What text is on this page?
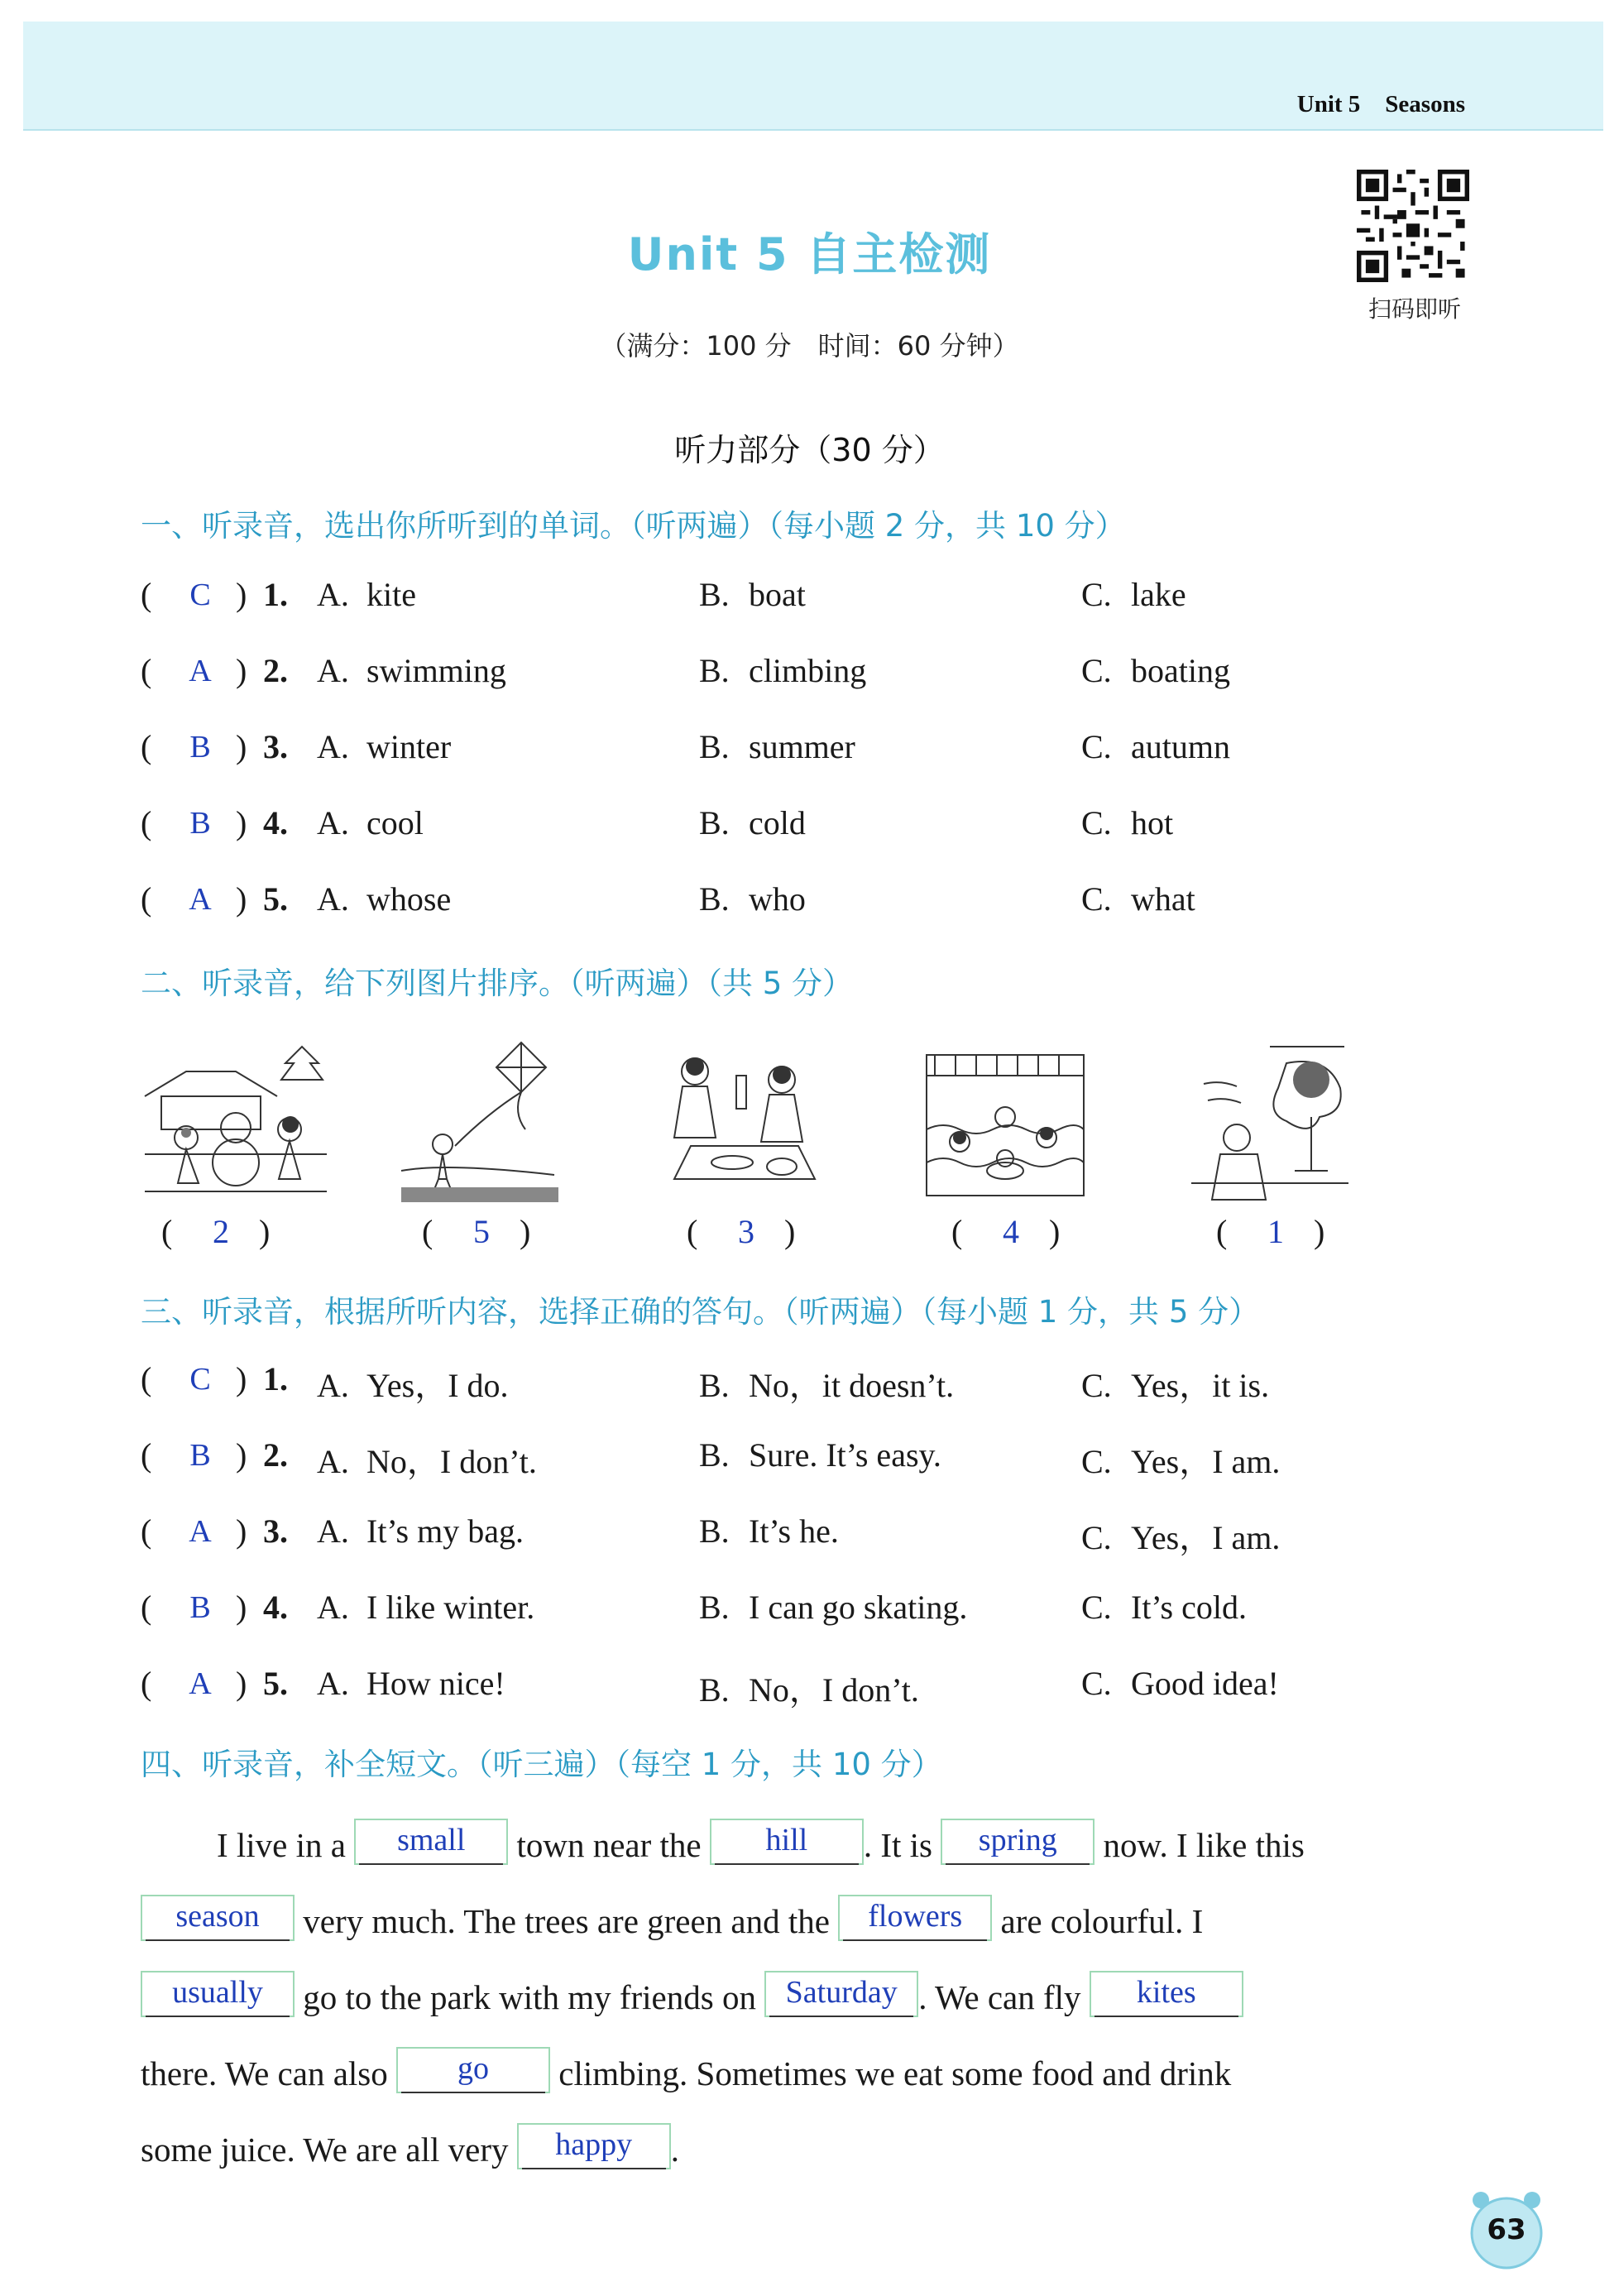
Unit 5 Seasons
Unit 5 自主检测
扫码即听
（满分：100 分　时间：60 分钟）
听力部分（30 分）
一、听录音，选出你所听到的单词。（听两遍）（每小题 2 分，共 10 分）
( C ) 1. A. kite	B. boat	C. lake
( A ) 2. A. swimming	B. climbing	C. boating
( B ) 3. A. winter	B. summer	C. autumn
( B ) 4. A. cool	B. cold	C. hot
( A ) 5. A. whose	B. who	C. what
二、听录音，给下列图片排序。（听两遍）（共 5 分）
(	2 )	(	5 )	(	3 )	(	4 )	(	1 )
三、听录音，根据所听内容，选择正确的答句。（听两遍）（每小题 1 分，共 5 分）
( C ) 1. A. Yes，I do.	B. No，it doesn’t.	C. Yes，it is.
( B ) 2. A. No，I don’t.	B. Sure. It’s easy.	C. Yes，I am.
( A ) 3. A. It’s my bag.	B. It’s he.	C. Yes，I am.
( B ) 4. A. I like winter.	B. I can go skating.	C. It’s cold.
( A ) 5. A. How nice!	B. No，I don’t.	C. Good idea!
四、听录音，补全短文。（听三遍）（每空 1 分，共 10 分）
I live in a	small	town near the	hill	. It is	spring	now. I like this
season	very much. The trees are green and the	flowers	are colourful. I
usually	go to the park with my friends on Saturday . We can fly	kites
there. We can also	go	climbing. Sometimes we eat some food and drink
some juice. We are all very	happy	.
63
